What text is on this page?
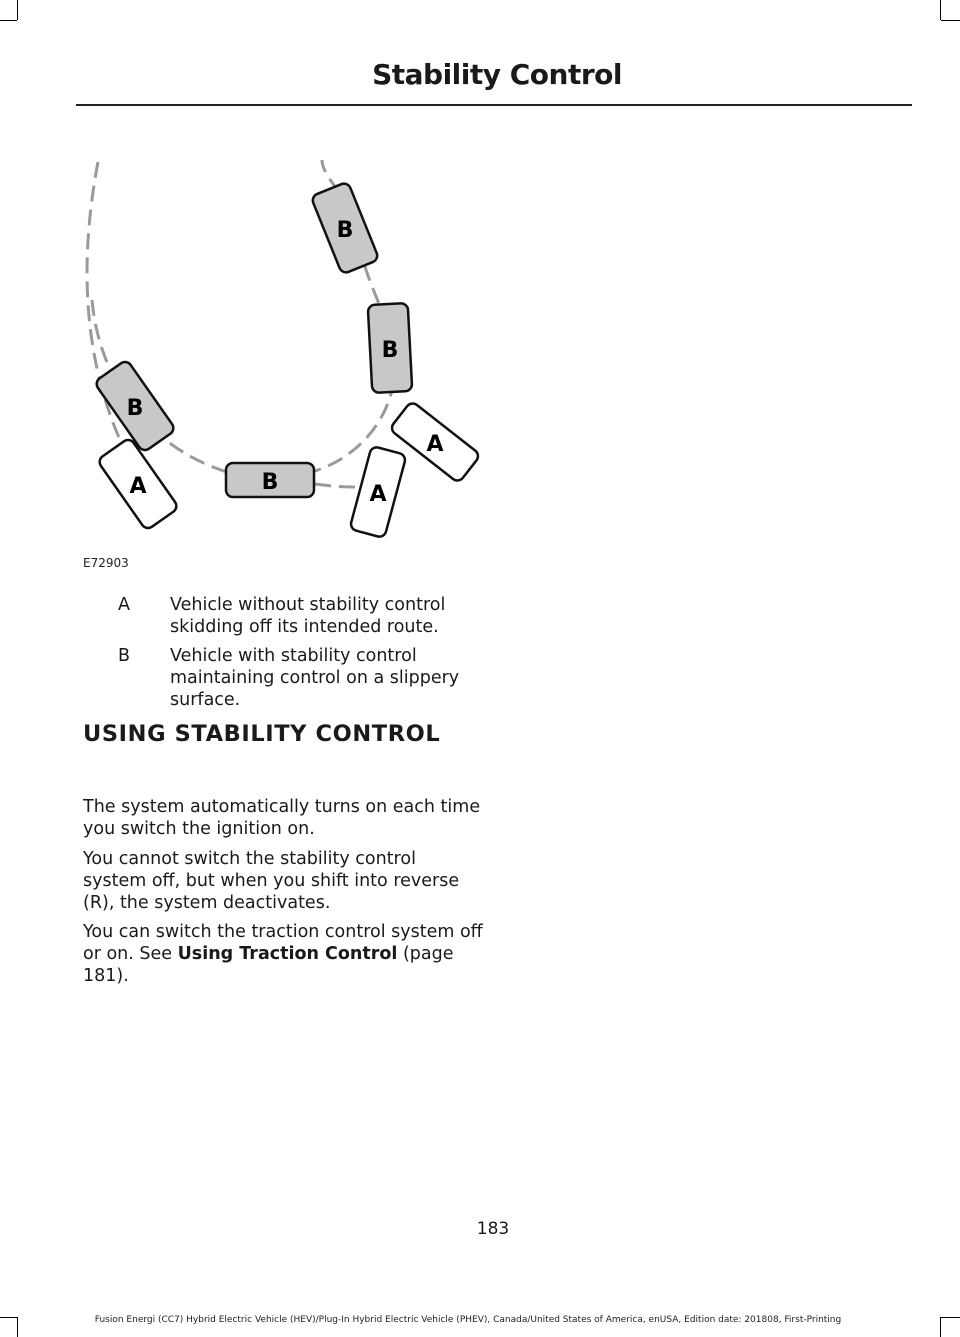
Stability Control
B
B
B
A	B	A
A
E72903
A Vehicle without stability control skidding off its intended route.
B Vehicle with stability control maintaining control on a slippery surface.
USING STABILITY CONTROL

The system automatically turns on each time you switch the ignition on.

You cannot switch the stability control system off, but when you shift into reverse (R), the system deactivates.

You can switch the traction control system off or on. See Using Traction Control (page 181).

183
Fusion Energi (CC7) Hybrid Electric Vehicle (HEV)/Plug-In Hybrid Electric Vehicle (PHEV), Canada/United States of America, enUSA, Edition date: 201808, First-Printing
